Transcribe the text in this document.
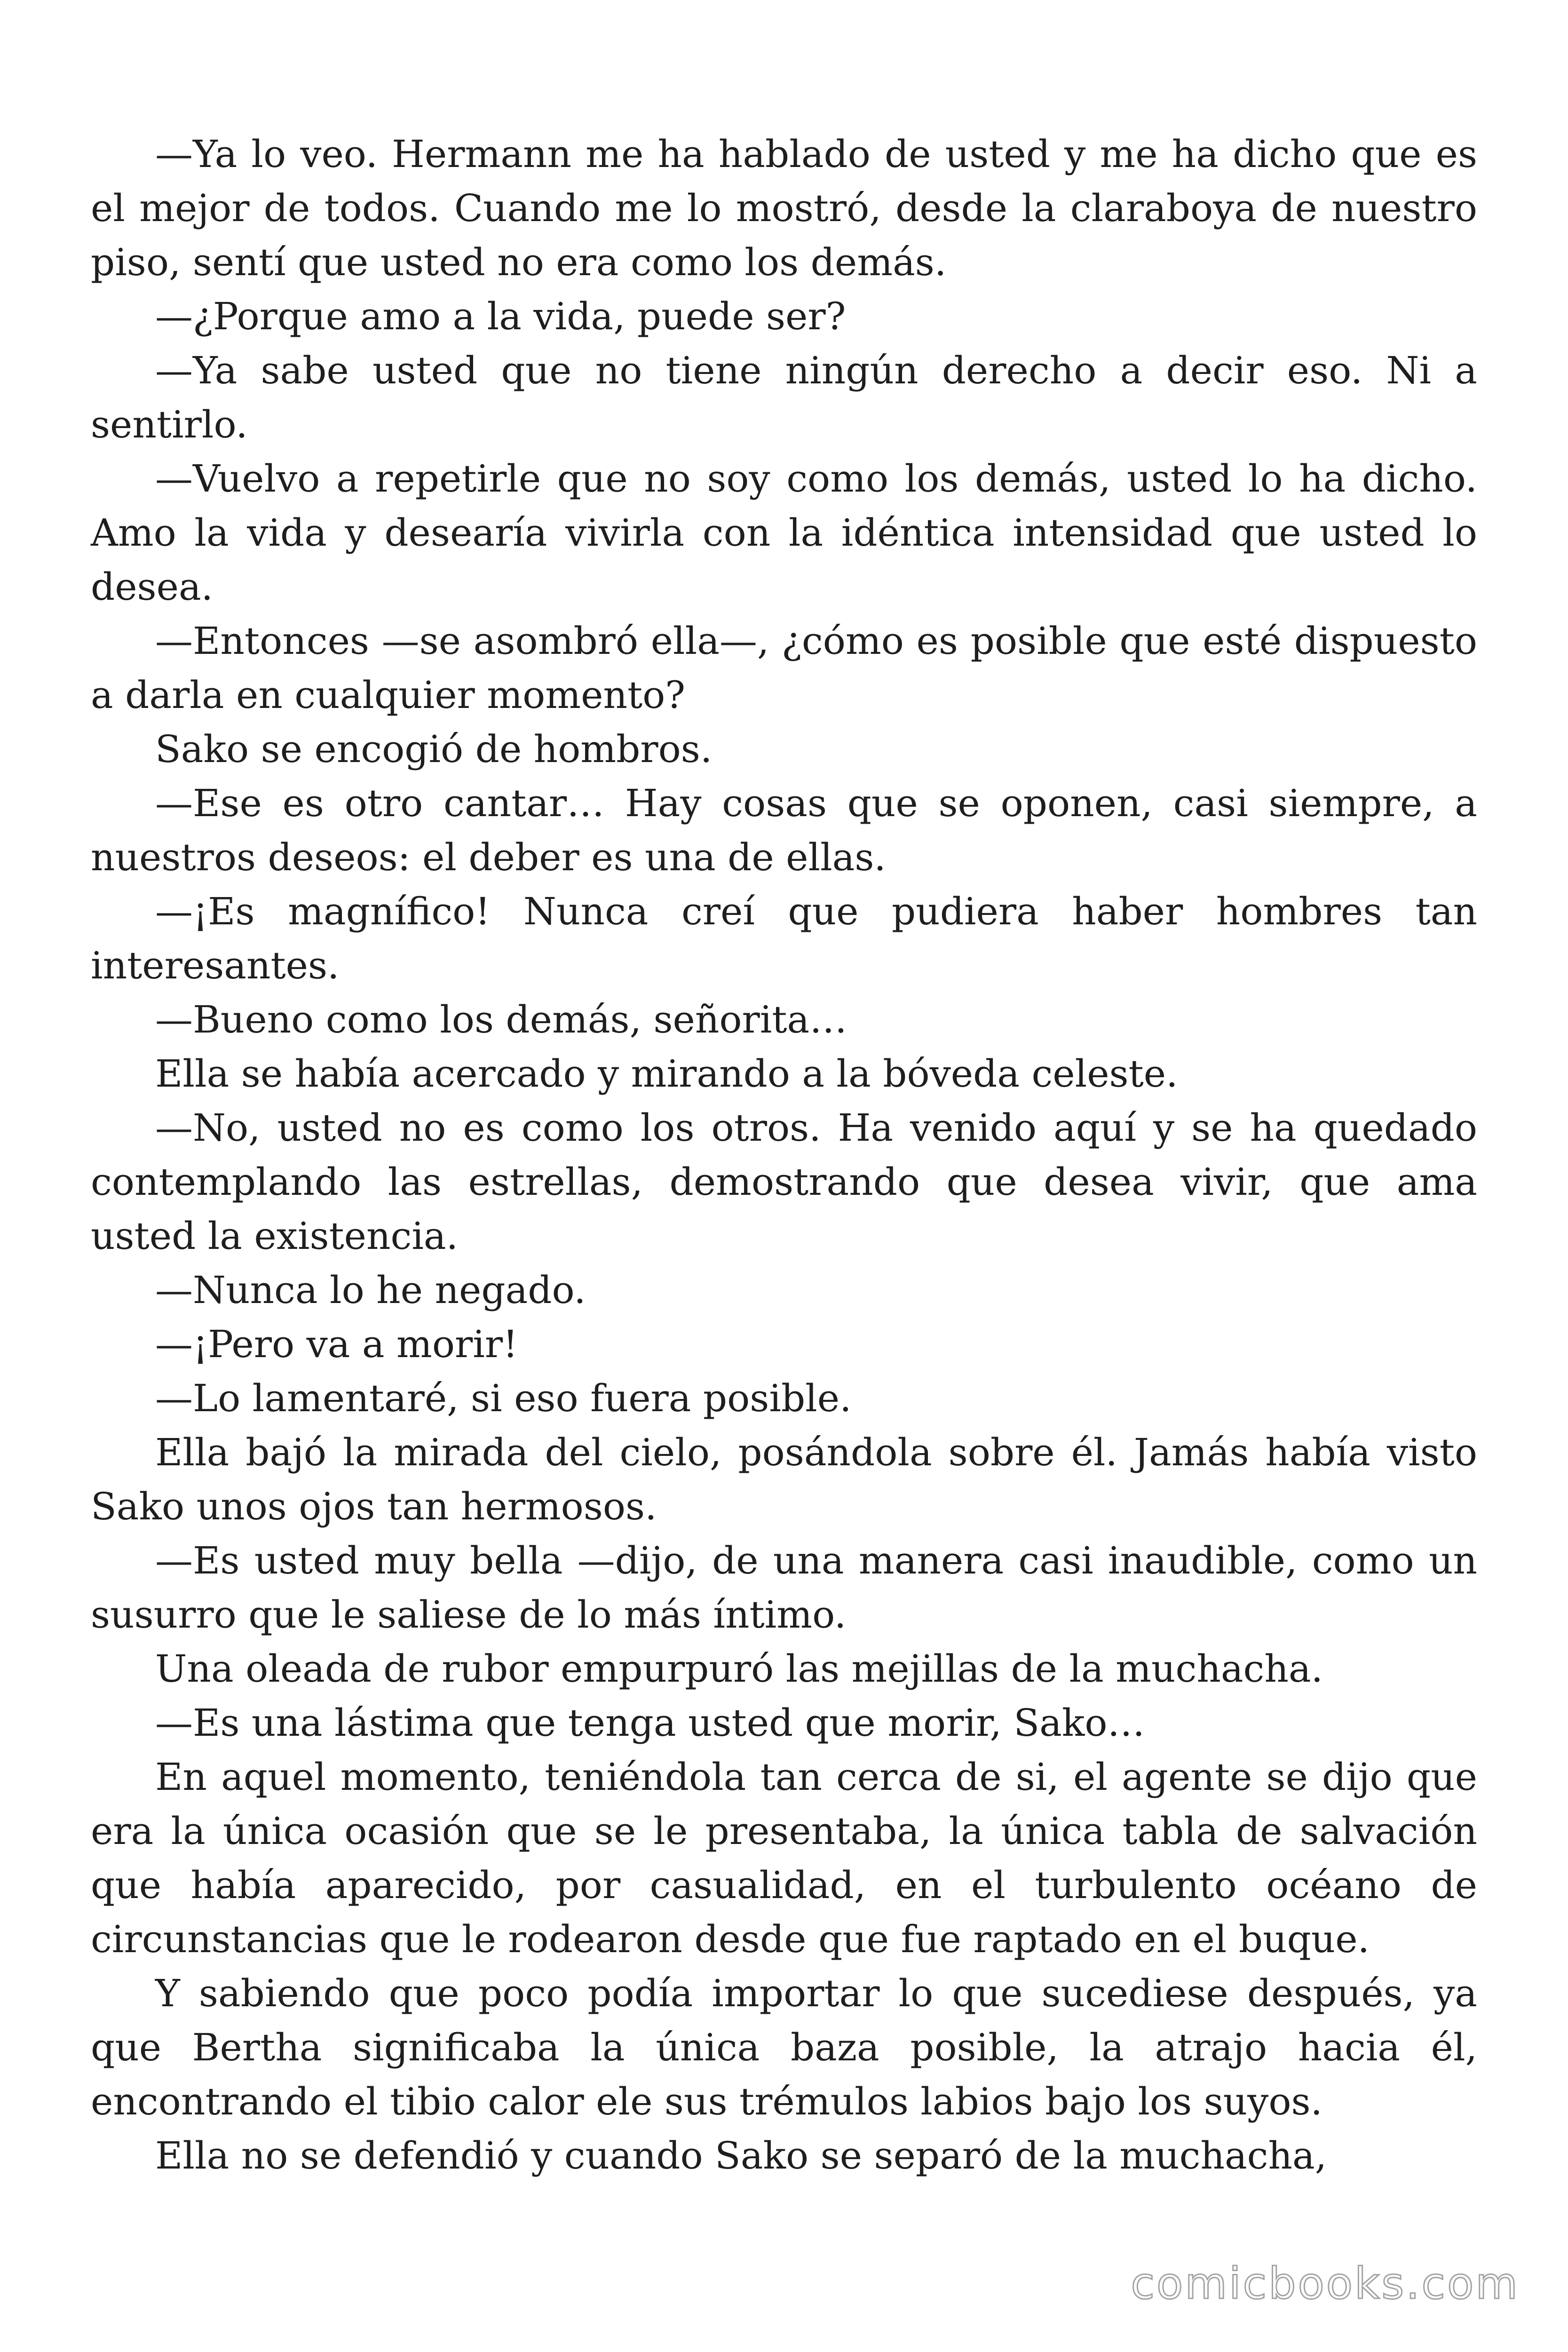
—Ya lo veo. Hermann me ha hablado de usted y me ha dicho que es el mejor de todos. Cuando me lo mostró, desde la claraboya de nuestro piso, sentí que usted no era como los demás.

—¿Porque amo a la vida, puede ser?

—Ya sabe usted que no tiene ningún derecho a decir eso. Ni a sentirlo.

—Vuelvo a repetirle que no soy como los demás, usted lo ha dicho. Amo la vida y desearía vivirla con la idéntica intensidad que usted lo desea.

—Entonces —se asombró ella—, ¿cómo es posible que esté dispuesto a darla en cualquier momento?

Sako se encogió de hombros.

—Ese es otro cantar… Hay cosas que se oponen, casi siempre, a nuestros deseos: el deber es una de ellas.

—¡Es magnífico! Nunca creí que pudiera haber hombres tan interesantes.

—Bueno como los demás, señorita…

Ella se había acercado y mirando a la bóveda celeste.

—No, usted no es como los otros. Ha venido aquí y se ha quedado contemplando las estrellas, demostrando que desea vivir, que ama usted la existencia.

—Nunca lo he negado.

—¡Pero va a morir!

—Lo lamentaré, si eso fuera posible.

Ella bajó la mirada del cielo, posándola sobre él. Jamás había visto Sako unos ojos tan hermosos.

—Es usted muy bella —dijo, de una manera casi inaudible, como un susurro que le saliese de lo más íntimo.

Una oleada de rubor empurpuró las mejillas de la muchacha.

—Es una lástima que tenga usted que morir, Sako…

En aquel momento, teniéndola tan cerca de si, el agente se dijo que era la única ocasión que se le presentaba, la única tabla de salvación que había aparecido, por casualidad, en el turbulento océano de circunstancias que le rodearon desde que fue raptado en el buque.

Y sabiendo que poco podía importar lo que sucediese después, ya que Bertha significaba la única baza posible, la atrajo hacia él, encontrando el tibio calor ele sus trémulos labios bajo los suyos.

Ella no se defendió y cuando Sako se separó de la muchacha,

comicbooks.com
